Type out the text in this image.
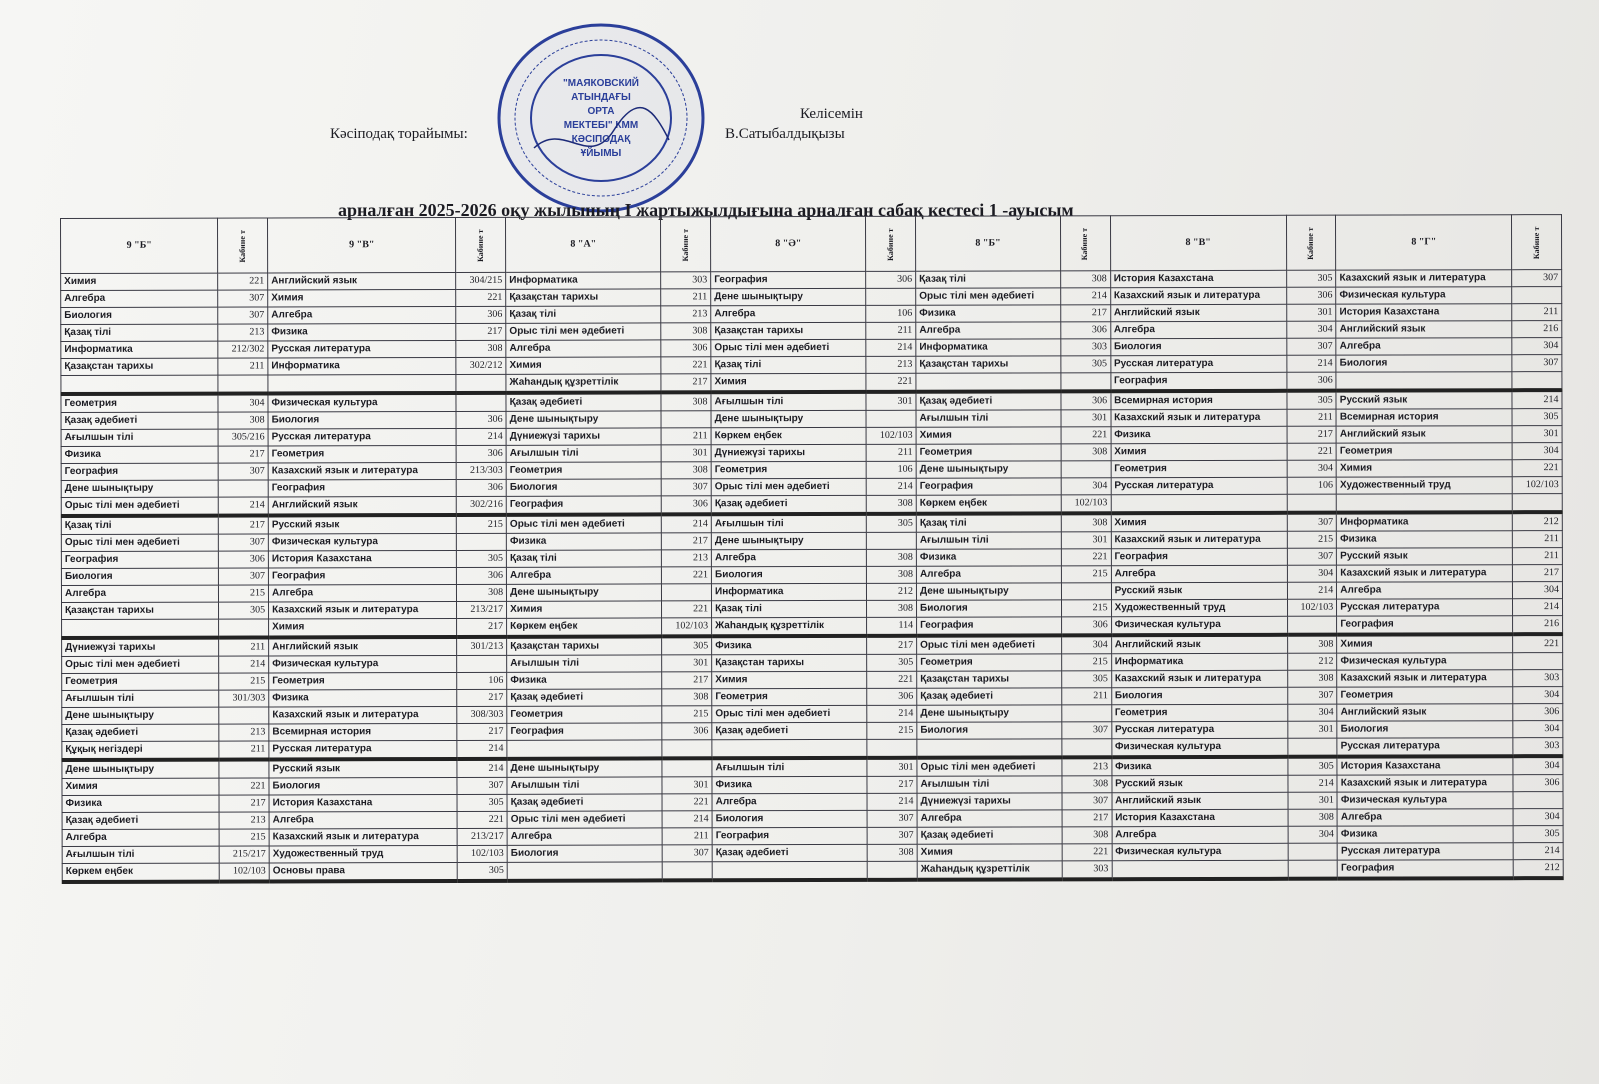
"МАЯКОВСКИЙ
АТЫНДАҒЫ
ОРТА
МЕКТЕБІ" КММ
КӘСІПОДАҚ
ҰЙЫМЫ
Кәсіподақ торайымы:
Келісемін
В.Сатыбалдықызы
арналған 2025-2026 оқу жылының I жартыжылдығына арналған сабақ кестесі 1 -ауысым
9 "Б"	Кабине т	9 "В"	Кабине т	8 "А"	Кабине т	8 "Ә"	Кабине т	8 "Б"	Кабине т	8 "В"	Кабине т	8 "Г"	Кабине т
Химия	221	Английский язык	304/215	Информатика	303	География	306	Қазақ тілі	308	История Казахстана	305	Казахский язык и литература	307
Алгебра	307	Химия	221	Қазақстан тарихы	211	Дене шынықтыру		Орыс тілі мен әдебиеті	214	Казахский язык и литература	306	Физическая культура	
Биология	307	Алгебра	306	Қазақ тілі	213	Алгебра	106	Физика	217	Английский язык	301	История Казахстана	211
Қазақ тілі	213	Физика	217	Орыс тілі мен әдебиеті	308	Қазақстан тарихы	211	Алгебра	306	Алгебра	304	Английский язык	216
Информатика	212/302	Русская литература	308	Алгебра	306	Орыс тілі мен әдебиеті	214	Информатика	303	Биология	307	Алгебра	304
Қазақстан тарихы	211	Информатика	302/212	Химия	221	Қазақ тілі	213	Қазақстан тарихы	305	Русская литература	214	Биология	307
				Жаһандық құзреттілік	217	Химия	221			География	306		
Геометрия	304	Физическая культура		Қазақ әдебиеті	308	Ағылшын тілі	301	Қазақ әдебиеті	306	Всемирная история	305	Русский язык	214
Қазақ әдебиеті	308	Биология	306	Дене шынықтыру		Дене шынықтыру		Ағылшын тілі	301	Казахский язык и литература	211	Всемирная история	305
Ағылшын тілі	305/216	Русская литература	214	Дүниежүзі тарихы	211	Көркем еңбек	102/103	Химия	221	Физика	217	Английский язык	301
Физика	217	Геометрия	306	Ағылшын тілі	301	Дүниежүзі тарихы	211	Геометрия	308	Химия	221	Геометрия	304
География	307	Казахский язык и литература	213/303	Геометрия	308	Геометрия	106	Дене шынықтыру		Геометрия	304	Химия	221
Дене шынықтыру		География	306	Биология	307	Орыс тілі мен әдебиеті	214	География	304	Русская литература	106	Художественный труд	102/103
Орыс тілі мен әдебиеті	214	Английский язык	302/216	География	306	Қазақ әдебиеті	308	Көркем еңбек	102/103				
Қазақ тілі	217	Русский язык	215	Орыс тілі мен әдебиеті	214	Ағылшын тілі	305	Қазақ тілі	308	Химия	307	Информатика	212
Орыс тілі мен әдебиеті	307	Физическая культура		Физика	217	Дене шынықтыру		Ағылшын тілі	301	Казахский язык и литература	215	Физика	211
География	306	История Казахстана	305	Қазақ тілі	213	Алгебра	308	Физика	221	География	307	Русский язык	211
Биология	307	География	306	Алгебра	221	Биология	308	Алгебра	215	Алгебра	304	Казахский язык и литература	217
Алгебра	215	Алгебра	308	Дене шынықтыру		Информатика	212	Дене шынықтыру		Русский язык	214	Алгебра	304
Қазақстан тарихы	305	Казахский язык и литература	213/217	Химия	221	Қазақ тілі	308	Биология	215	Художественный труд	102/103	Русская литература	214
		Химия	217	Көркем еңбек	102/103	Жаһандық құзреттілік	114	География	306	Физическая культура		География	216
Дүниежүзі тарихы	211	Английский язык	301/213	Қазақстан тарихы	305	Физика	217	Орыс тілі мен әдебиеті	304	Английский язык	308	Химия	221
Орыс тілі мен әдебиеті	214	Физическая культура		Ағылшын тілі	301	Қазақстан тарихы	305	Геометрия	215	Информатика	212	Физическая культура	
Геометрия	215	Геометрия	106	Физика	217	Химия	221	Қазақстан тарихы	305	Казахский язык и литература	308	Казахский язык и литература	303
Ағылшын тілі	301/303	Физика	217	Қазақ әдебиеті	308	Геометрия	306	Қазақ әдебиеті	211	Биология	307	Геометрия	304
Дене шынықтыру		Казахский язык и литература	308/303	Геометрия	215	Орыс тілі мен әдебиеті	214	Дене шынықтыру		Геометрия	304	Английский язык	306
Қазақ әдебиеті	213	Всемирная история	217	География	306	Қазақ әдебиеті	215	Биология	307	Русская литература	301	Биология	304
Құқық негіздері	211	Русская литература	214							Физическая культура		Русская литература	303
Дене шынықтыру		Русский язык	214	Дене шынықтыру		Ағылшын тілі	301	Орыс тілі мен әдебиеті	213	Физика	305	История Казахстана	304
Химия	221	Биология	307	Ағылшын тілі	301	Физика	217	Ағылшын тілі	308	Русский язык	214	Казахский язык и литература	306
Физика	217	История Казахстана	305	Қазақ әдебиеті	221	Алгебра	214	Дүниежүзі тарихы	307	Английский язык	301	Физическая культура	
Қазақ әдебиеті	213	Алгебра	221	Орыс тілі мен әдебиеті	214	Биология	307	Алгебра	217	История Казахстана	308	Алгебра	304
Алгебра	215	Казахский язык и литература	213/217	Алгебра	211	География	307	Қазақ әдебиеті	308	Алгебра	304	Физика	305
Ағылшын тілі	215/217	Художественный труд	102/103	Биология	307	Қазақ әдебиеті	308	Химия	221	Физическая культура		Русская литература	214
Көркем еңбек	102/103	Основы права	305					Жаһандық құзреттілік	303			География	212
